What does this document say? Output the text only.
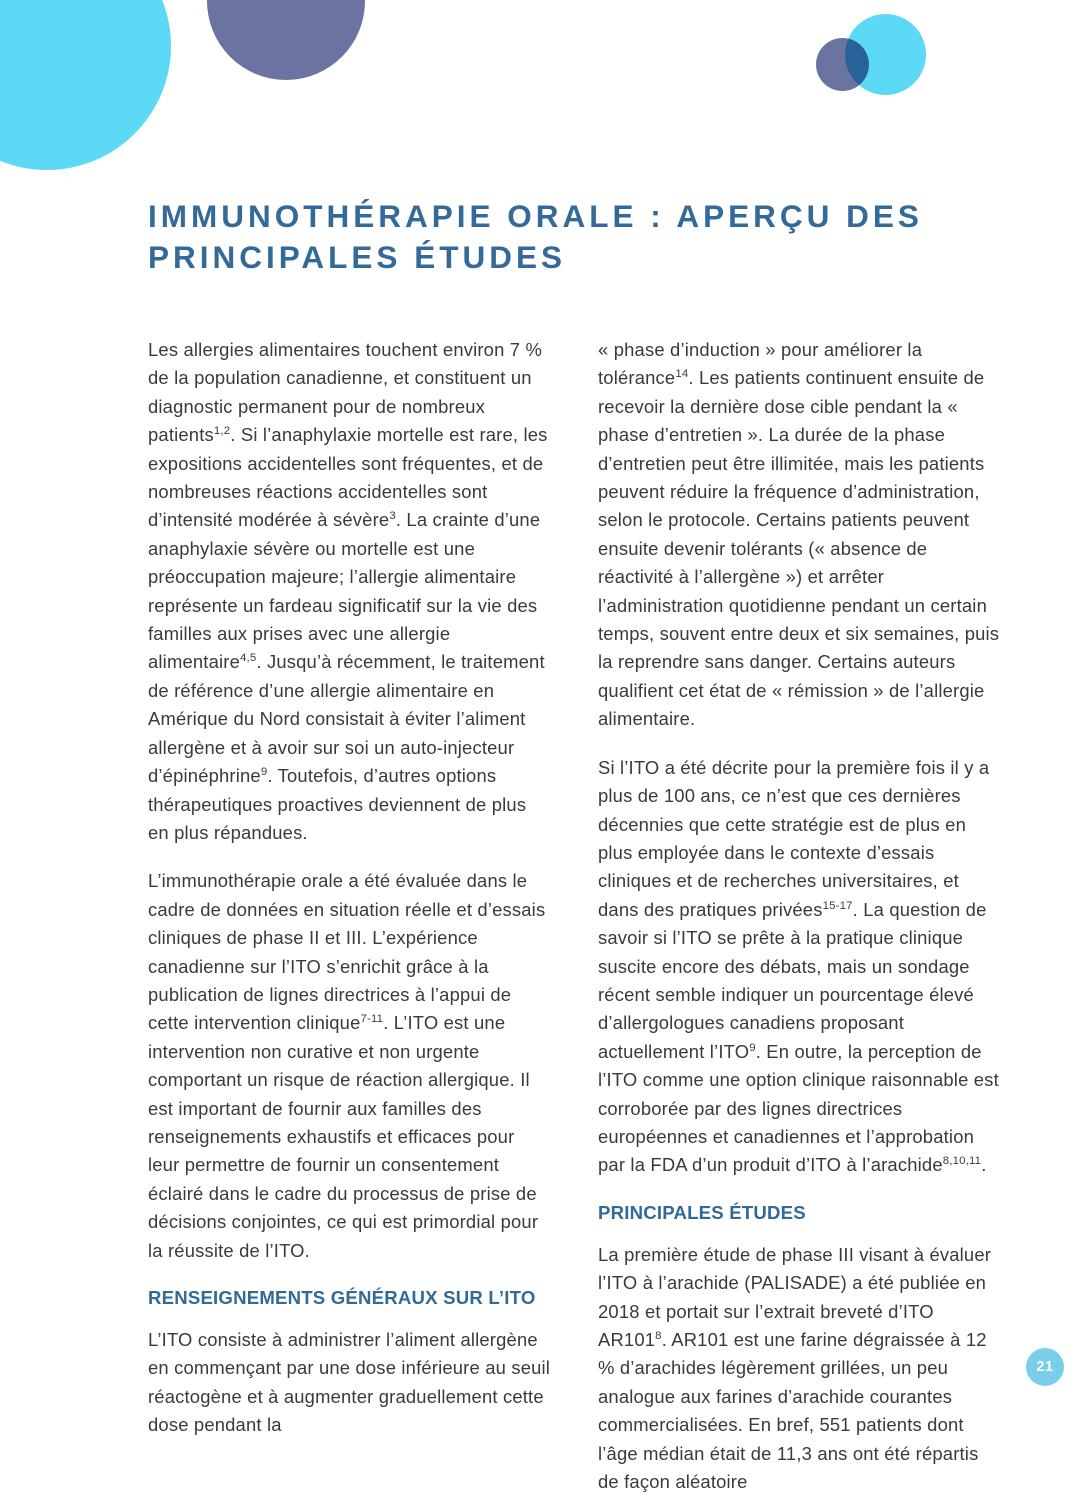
IMMUNOTHÉRAPIE ORALE : APERÇU DES PRINCIPALES ÉTUDES

Les allergies alimentaires touchent environ 7 % de la population canadienne, et constituent un diagnostic permanent pour de nombreux patients$^{1,2}$. Si l’anaphylaxie mortelle est rare, les expositions accidentelles sont fréquentes, et de nombreuses réactions accidentelles sont d’intensité modérée à sévère$^3$. La crainte d’une anaphylaxie sévère ou mortelle est une préoccupation majeure; l’allergie alimentaire représente un fardeau significatif sur la vie des familles aux prises avec une allergie alimentaire$^{4,5}$. Jusqu’à récemment, le traitement de référence d’une allergie alimentaire en Amérique du Nord consistait à éviter l’aliment allergène et à avoir sur soi un auto-injecteur d’épinéphrine$^9$. Toutefois, d’autres options thérapeutiques proactives deviennent de plus en plus répandues.

L’immunothérapie orale a été évaluée dans le cadre de données en situation réelle et d’essais cliniques de phase II et III. L’expérience canadienne sur l’ITO s’enrichit grâce à la publication de lignes directrices à l’appui de cette intervention clinique$^{7-11}$. L’ITO est une intervention non curative et non urgente comportant un risque de réaction allergique. Il est important de fournir aux familles des renseignements exhaustifs et efficaces pour leur permettre de fournir un consentement éclairé dans le cadre du processus de prise de décisions conjointes, ce qui est primordial pour la réussite de l’ITO.

RENSEIGNEMENTS GÉNÉRAUX SUR L’ITO

L’ITO consiste à administrer l’aliment allergène en commençant par une dose inférieure au seuil réactogène et à augmenter graduellement cette dose pendant la

« phase d’induction » pour améliorer la tolérance$^{14}$. Les patients continuent ensuite de recevoir la dernière dose cible pendant la « phase d’entretien ». La durée de la phase d’entretien peut être illimitée, mais les patients peuvent réduire la fréquence d’administration, selon le protocole. Certains patients peuvent ensuite devenir tolérants (« absence de réactivité à l’allergène ») et arrêter l’administration quotidienne pendant un certain temps, souvent entre deux et six semaines, puis la reprendre sans danger. Certains auteurs qualifient cet état de « rémission » de l’allergie alimentaire.

Si l’ITO a été décrite pour la première fois il y a plus de 100 ans, ce n’est que ces dernières décennies que cette stratégie est de plus en plus employée dans le contexte d’essais cliniques et de recherches universitaires, et dans des pratiques privées$^{15-17}$. La question de savoir si l’ITO se prête à la pratique clinique suscite encore des débats, mais un sondage récent semble indiquer un pourcentage élevé d’allergologues canadiens proposant actuellement l’ITO$^9$. En outre, la perception de l’ITO comme une option clinique raisonnable est corroborée par des lignes directrices européennes et canadiennes et l’approbation par la FDA d’un produit d’ITO à l’arachide$^{8,10,11}$.

PRINCIPALES ÉTUDES

La première étude de phase III visant à évaluer l’ITO à l’arachide (PALISADE) a été publiée en 2018 et portait sur l’extrait breveté d’ITO $AR101^8$. AR101 est une farine dégraissée à 12 % d’arachides légèrement grillées, un peu analogue aux farines d’arachide courantes commercialisées. En bref, 551 patients dont l’âge médian était de 11,3 ans ont été répartis de façon aléatoire

21
